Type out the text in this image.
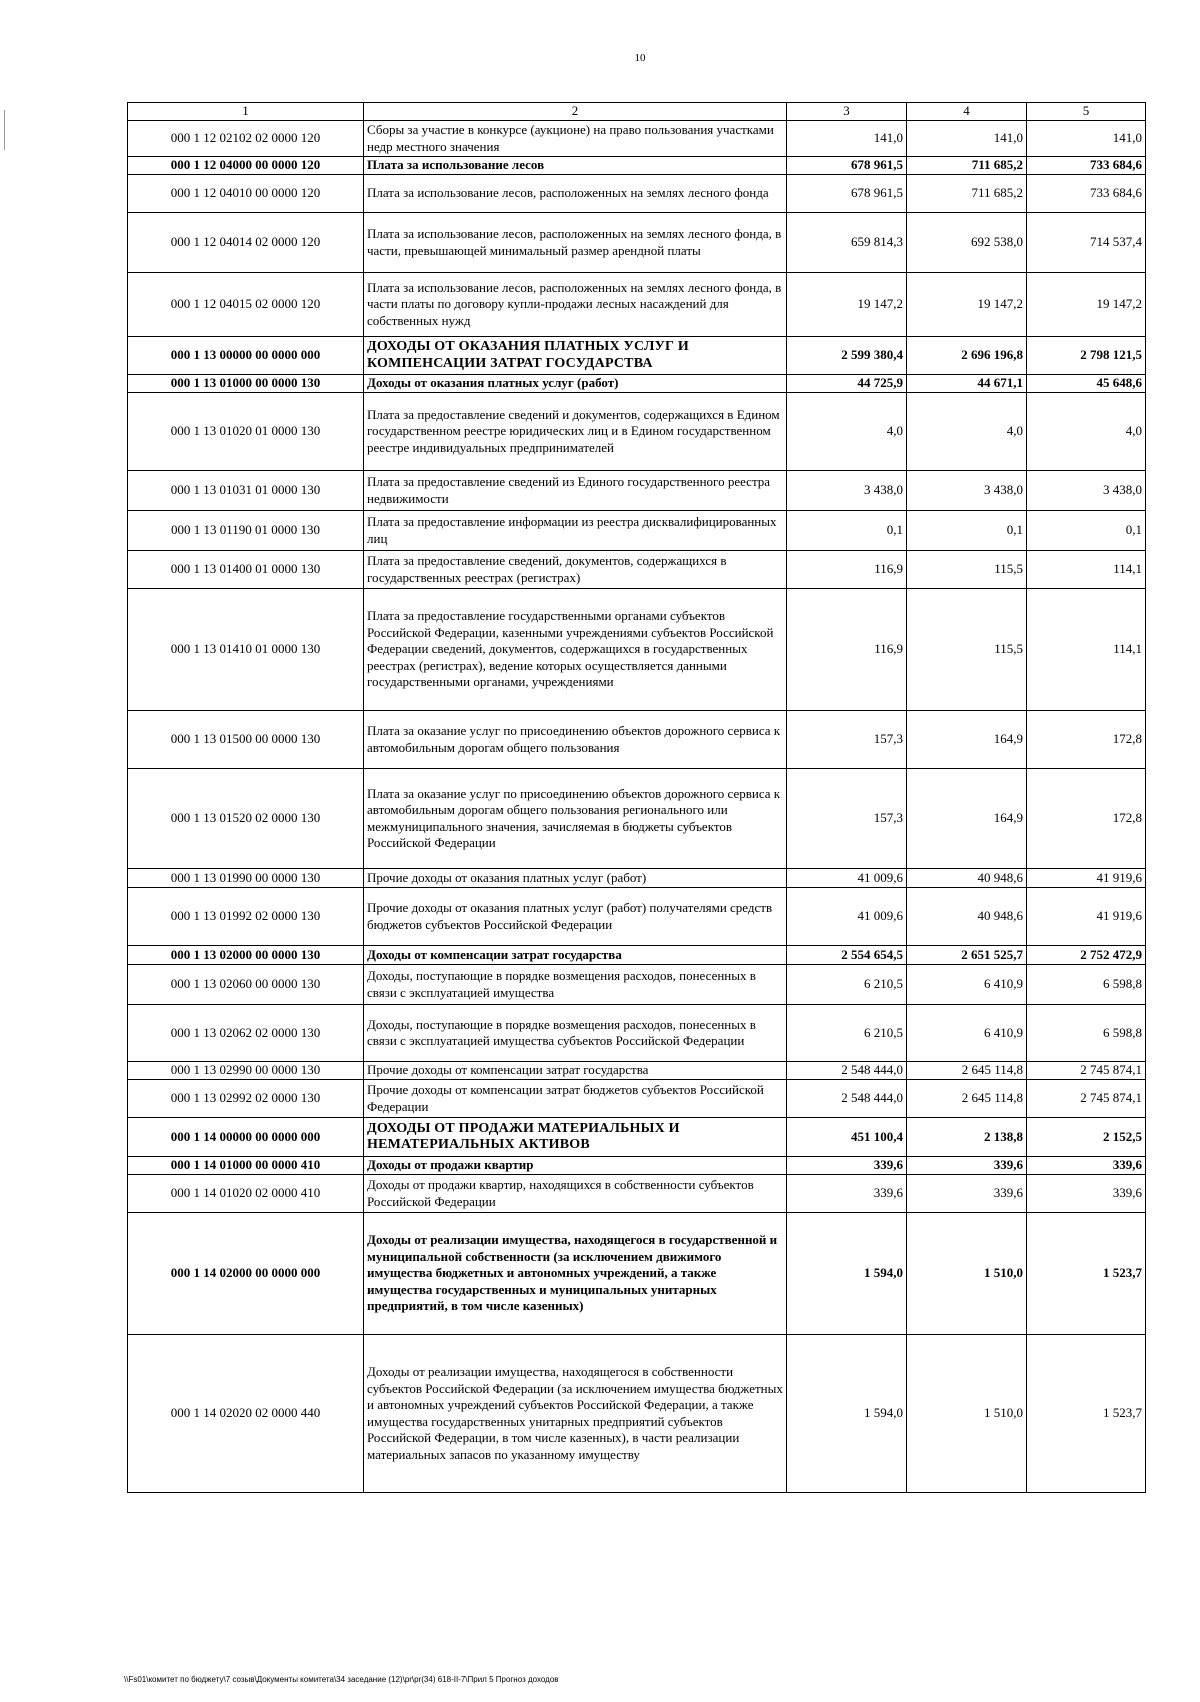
10
1	2	3	4	5
000 1 12 02102 02 0000 120	Сборы за участие в конкурсе (аукционе) на право пользования участками недр местного значения	141,0	141,0	141,0
000 1 12 04000 00 0000 120	Плата за использование лесов	678 961,5	711 685,2	733 684,6
000 1 12 04010 00 0000 120	Плата за использование лесов, расположенных на землях лесного фонда	678 961,5	711 685,2	733 684,6
000 1 12 04014 02 0000 120	Плата за использование лесов, расположенных на землях лесного фонда, в части, превышающей минимальный размер арендной платы	659 814,3	692 538,0	714 537,4
000 1 12 04015 02 0000 120	Плата за использование лесов, расположенных на землях лесного фонда, в части платы по договору купли-продажи лесных насаждений для собственных нужд	19 147,2	19 147,2	19 147,2
000 1 13 00000 00 0000 000	ДОХОДЫ ОТ ОКАЗАНИЯ ПЛАТНЫХ УСЛУГ И КОМПЕНСАЦИИ ЗАТРАТ ГОСУДАРСТВА	2 599 380,4	2 696 196,8	2 798 121,5
000 1 13 01000 00 0000 130	Доходы от оказания платных услуг (работ)	44 725,9	44 671,1	45 648,6
000 1 13 01020 01 0000 130	Плата за предоставление сведений и документов, содержащихся в Едином государственном реестре юридических лиц и в Едином государственном реестре индивидуальных предпринимателей	4,0	4,0	4,0
000 1 13 01031 01 0000 130	Плата за предоставление сведений из Единого государственного реестра недвижимости	3 438,0	3 438,0	3 438,0
000 1 13 01190 01 0000 130	Плата за предоставление информации из реестра дисквалифицированных лиц	0,1	0,1	0,1
000 1 13 01400 01 0000 130	Плата за предоставление сведений, документов, содержащихся в государственных реестрах (регистрах)	116,9	115,5	114,1
000 1 13 01410 01 0000 130	Плата за предоставление государственными органами субъектов Российской Федерации, казенными учреждениями субъектов Российской Федерации сведений, документов, содержащихся в государственных реестрах (регистрах), ведение которых осуществляется данными государственными органами, учреждениями	116,9	115,5	114,1
000 1 13 01500 00 0000 130	Плата за оказание услуг по присоединению объектов дорожного сервиса к автомобильным дорогам общего пользования	157,3	164,9	172,8
000 1 13 01520 02 0000 130	Плата за оказание услуг по присоединению объектов дорожного сервиса к автомобильным дорогам общего пользования регионального или межмуниципального значения, зачисляемая в бюджеты субъектов Российской Федерации	157,3	164,9	172,8
000 1 13 01990 00 0000 130	Прочие доходы от оказания платных услуг (работ)	41 009,6	40 948,6	41 919,6
000 1 13 01992 02 0000 130	Прочие доходы от оказания платных услуг (работ) получателями средств бюджетов субъектов Российской Федерации	41 009,6	40 948,6	41 919,6
000 1 13 02000 00 0000 130	Доходы от компенсации затрат государства	2 554 654,5	2 651 525,7	2 752 472,9
000 1 13 02060 00 0000 130	Доходы, поступающие в порядке возмещения расходов, понесенных в связи с эксплуатацией имущества	6 210,5	6 410,9	6 598,8
000 1 13 02062 02 0000 130	Доходы, поступающие в порядке возмещения расходов, понесенных в связи с эксплуатацией имущества субъектов Российской Федерации	6 210,5	6 410,9	6 598,8
000 1 13 02990 00 0000 130	Прочие доходы от компенсации затрат государства	2 548 444,0	2 645 114,8	2 745 874,1
000 1 13 02992 02 0000 130	Прочие доходы от компенсации затрат бюджетов субъектов Российской Федерации	2 548 444,0	2 645 114,8	2 745 874,1
000 1 14 00000 00 0000 000	ДОХОДЫ ОТ ПРОДАЖИ МАТЕРИАЛЬНЫХ И НЕМАТЕРИАЛЬНЫХ АКТИВОВ	451 100,4	2 138,8	2 152,5
000 1 14 01000 00 0000 410	Доходы от продажи квартир	339,6	339,6	339,6
000 1 14 01020 02 0000 410	Доходы от продажи квартир, находящихся в собственности субъектов Российской Федерации	339,6	339,6	339,6
000 1 14 02000 00 0000 000	Доходы от реализации имущества, находящегося в государственной и муниципальной собственности (за исключением движимого имущества бюджетных и автономных учреждений, а также имущества государственных и муниципальных унитарных предприятий, в том числе казенных)	1 594,0	1 510,0	1 523,7
000 1 14 02020 02 0000 440	Доходы от реализации имущества, находящегося в собственности субъектов Российской Федерации (за исключением имущества бюджетных и автономных учреждений субъектов Российской Федерации, а также имущества государственных унитарных предприятий субъектов Российской Федерации, в том числе казенных), в части реализации материальных запасов по указанному имуществу	1 594,0	1 510,0	1 523,7
\\Fs01\комитет по бюджету\7 созыв\Документы комитета\34 заседание (12)\pr\pr(34) 618-II-7\Прил 5 Прогноз доходов
